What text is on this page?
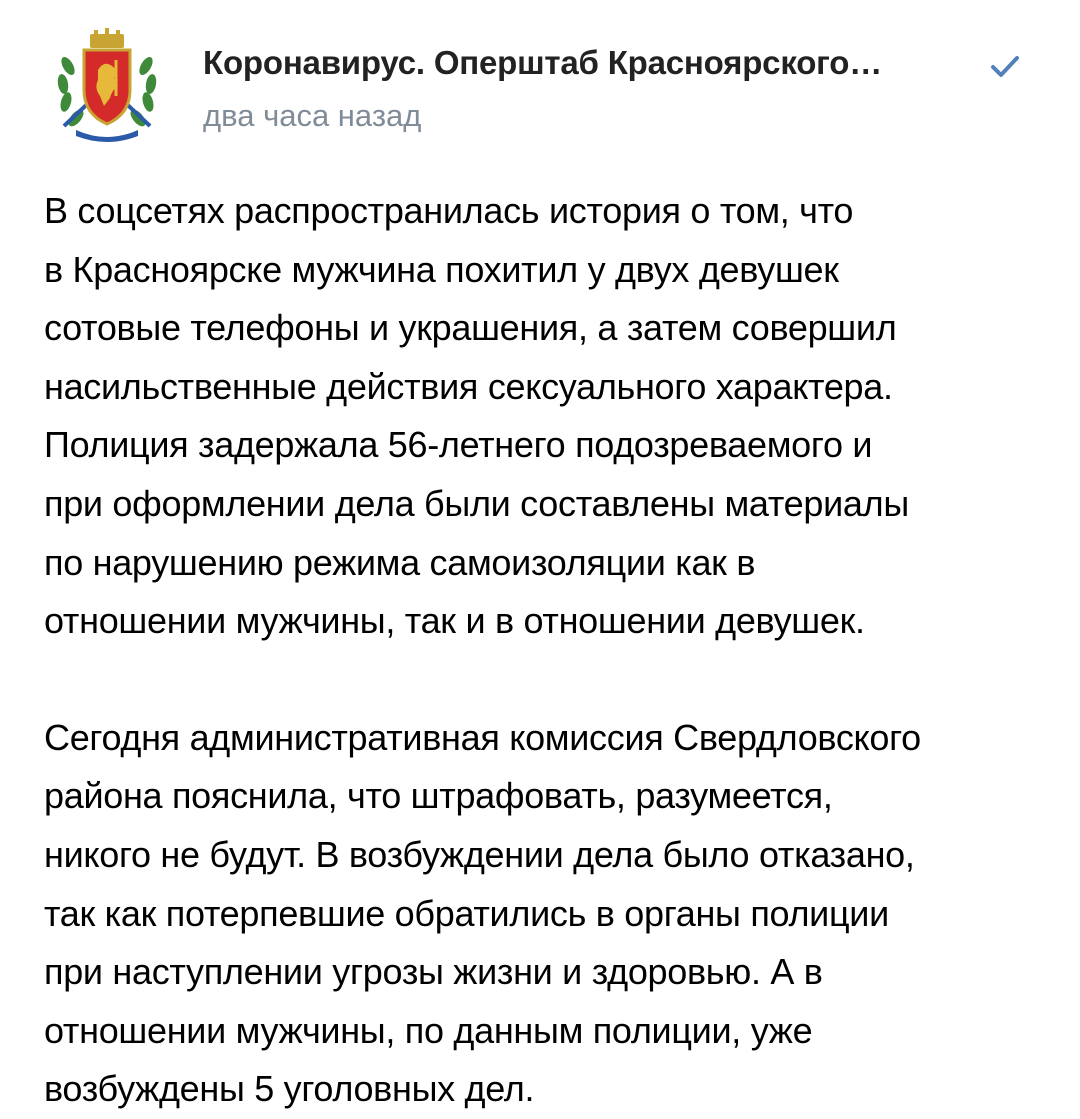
Коронавирус. Оперштаб Красноярского…
два часа назад

В соцсетях распространилась история о том, что
в Красноярске мужчина похитил у двух девушек
сотовые телефоны и украшения, а затем совершил
насильственные действия сексуального характера.
Полиция задержала 56-летнего подозреваемого и
при оформлении дела были составлены материалы
по нарушению режима самоизоляции как в
отношении мужчины, так и в отношении девушек.

Сегодня административная комиссия Свердловского
района пояснила, что штрафовать, разумеется,
никого не будут. В возбуждении дела было отказано,
так как потерпевшие обратились в органы полиции
при наступлении угрозы жизни и здоровью. А в
отношении мужчины, по данным полиции, уже
возбуждены 5 уголовных дел.
